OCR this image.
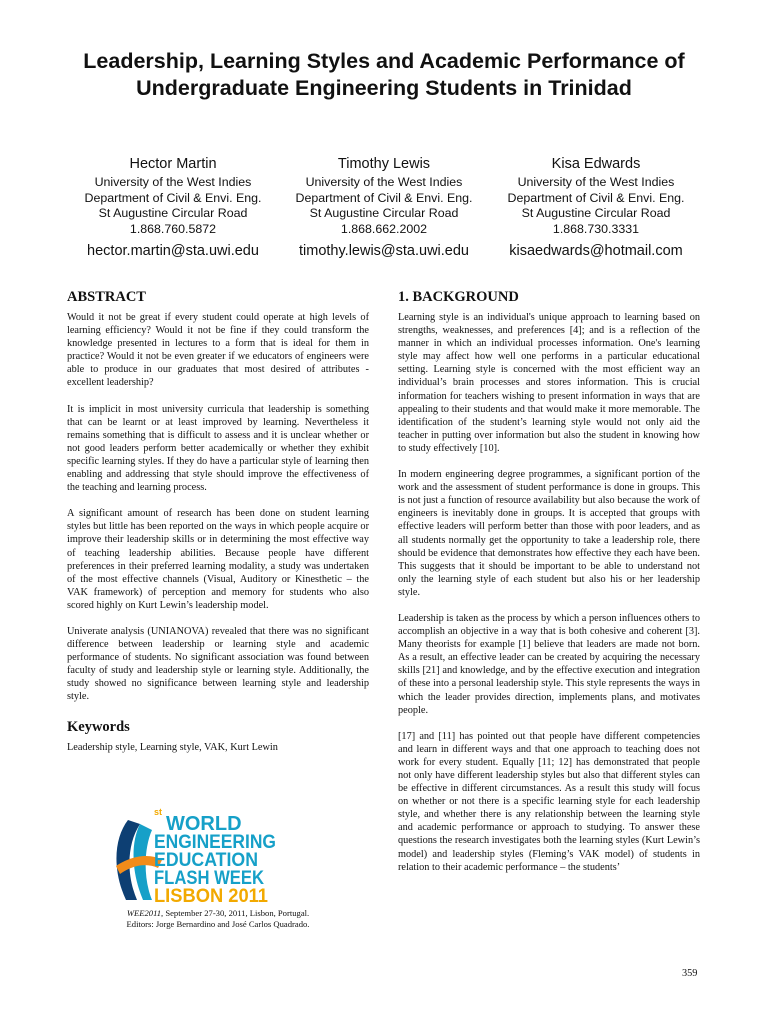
Leadership, Learning Styles and Academic Performance of Undergraduate Engineering Students in Trinidad
Hector Martin
University of the West Indies
Department of Civil & Envi. Eng.
St Augustine Circular Road
1.868.760.5872
hector.martin@sta.uwi.edu
Timothy Lewis
University of the West Indies
Department of Civil & Envi. Eng.
St Augustine Circular Road
1.868.662.2002
timothy.lewis@sta.uwi.edu
Kisa Edwards
University of the West Indies
Department of Civil & Envi. Eng.
St Augustine Circular Road
1.868.730.3331
kisaedwards@hotmail.com
ABSTRACT

Would it not be great if every student could operate at high levels of learning efficiency? Would it not be fine if they could transform the knowledge presented in lectures to a form that is ideal for them in practice? Would it not be even greater if we educators of engineers were able to produce in our graduates that most desired of attributes - excellent leadership?

It is implicit in most university curricula that leadership is something that can be learnt or at least improved by learning. Nevertheless it remains something that is difficult to assess and it is unclear whether or not good leaders perform better academically or whether they exhibit specific learning styles. If they do have a particular style of learning then enabling and addressing that style should improve the effectiveness of the teaching and learning process.

A significant amount of research has been done on student learning styles but little has been reported on the ways in which people acquire or improve their leadership skills or in determining the most effective way of teaching leadership abilities. Because people have different preferences in their preferred learning modality, a study was undertaken of the most effective channels (Visual, Auditory or Kinesthetic – the VAK framework) of perception and memory for students who also scored highly on Kurt Lewin’s leadership model.

Univerate analysis (UNIANOVA) revealed that there was no significant difference between leadership or learning style and academic performance of students. No significant association was found between faculty of study and leadership style or learning style. Additionally, the study showed no significance between learning style and leadership style.

Keywords

Leadership style, Learning style, VAK, Kurt Lewin

st
WORLD
ENGINEERING
EDUCATION
FLASH WEEK
LISBON 2011
WEE2011, September 27-30, 2011, Lisbon, Portugal.
Editors: Jorge Bernardino and José Carlos Quadrado.
1. BACKGROUND

Learning style is an individual's unique approach to learning based on strengths, weaknesses, and preferences [4]; and is a reflection of the manner in which an individual processes information. One's learning style may affect how well one performs in a particular educational setting. Learning style is concerned with the most efficient way an individual’s brain processes and stores information. This is crucial information for teachers wishing to present information in ways that are appealing to their students and that would make it more memorable. The identification of the student’s learning style would not only aid the teacher in putting over information but also the student in knowing how to study effectively [10].

In modern engineering degree programmes, a significant portion of the work and the assessment of student performance is done in groups. This is not just a function of resource availability but also because the work of engineers is inevitably done in groups. It is accepted that groups with effective leaders will perform better than those with poor leaders, and as all students normally get the opportunity to take a leadership role, there should be evidence that demonstrates how effective they each have been. This suggests that it should be important to be able to understand not only the learning style of each student but also his or her leadership style.

Leadership is taken as the process by which a person influences others to accomplish an objective in a way that is both cohesive and coherent [3]. Many theorists for example [1] believe that leaders are made not born. As a result, an effective leader can be created by acquiring the necessary skills [21] and knowledge, and by the effective execution and integration of these into a personal leadership style. This style represents the ways in which the leader provides direction, implements plans, and motivates people.

[17] and [11] has pointed out that people have different competencies and learn in different ways and that one approach to teaching does not work for every student. Equally [11; 12] has demonstrated that people not only have different leadership styles but also that different styles can be effective in different circumstances. As a result this study will focus on whether or not there is a specific learning style for each leadership style, and whether there is any relationship between the learning style and academic performance or approach to studying. To answer these questions the research investigates both the learning styles (Kurt Lewin’s model) and leadership styles (Fleming’s VAK model) of students in relation to their academic performance – the students’

359
